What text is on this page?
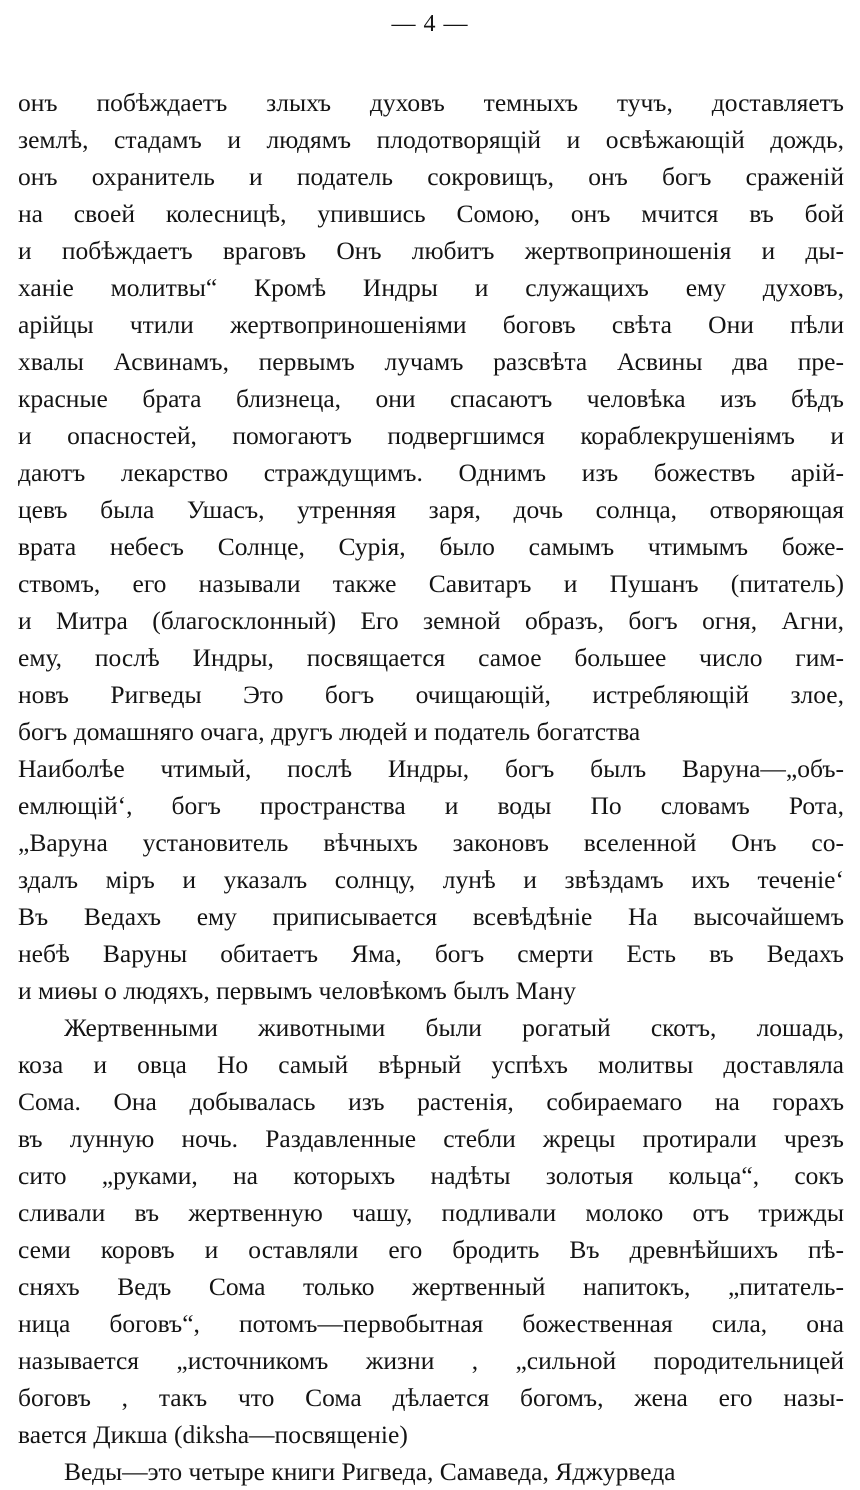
— 4 —
онъ побѣждаетъ злыхъ духовъ темныхъ тучъ, доставляетъ
землѣ, стадамъ и людямъ плодотворящiй и освѣжающiй дождь,
онъ охранитель и податель сокровищъ, онъ богъ сраженiй
на своей колесницѣ, упившись Сомою, онъ мчится въ бой
и побѣждаетъ враговъ Онъ любитъ жертвоприношенiя и ды-
ханiе молитвы“ Кромѣ Индры и служащихъ ему духовъ,
арiйцы чтили жертвоприношенiями боговъ свѣта Они пѣли
хвалы Асвинамъ, первымъ лучамъ разсвѣта Асвины два пре-
красные брата близнеца, они спасаютъ человѣка изъ бѣдъ
и опасностей, помогаютъ подвергшимся кораблекрушенiямъ и
даютъ лекарство страждущимъ. Однимъ изъ божествъ арiй-
цевъ была Ушасъ, утренняя заря, дочь солнца, отворяющая
врата небесъ Солнце, Сурiя, было самымъ чтимымъ боже-
ствомъ, его называли также Савитаръ и Пушанъ (питатель)
и Митра (благосклонный) Его земной образъ, богъ огня, Агни,
ему, послѣ Индры, посвящается самое большее число гим-
новъ Ригведы Это богъ очищающiй, истребляющiй злое,
богъ домашняго очага, другъ людей и податель богатства
Наиболѣе чтимый, послѣ Индры, богъ былъ Варуна—„объ-
емлющiй‘, богъ пространства и воды По словамъ Рота,
„Варуна установитель вѣчныхъ законовъ вселенной Онъ со-
здалъ мiръ и указалъ солнцу, лунѣ и звѣздамъ ихъ теченiе‘
Въ Ведахъ ему приписывается всевѣдѣнiе На высочайшемъ
небѣ Варуны обитаетъ Яма, богъ смерти Есть въ Ведахъ
и миѳы о людяхъ, первымъ человѣкомъ былъ Ману
Жертвенными животными были рогатый скотъ, лошадь,
коза и овца Но самый вѣрный успѣхъ молитвы доставляла
Сома. Она добывалась изъ растенiя, собираемаго на горахъ
въ лунную ночь. Раздавленные стебли жрецы протирали чрезъ
сито „руками, на которыхъ надѣты золотыя кольца“, сокъ
сливали въ жертвенную чашу, подливали молоко отъ трижды
семи коровъ и оставляли его бродить Въ древнѣйшихъ пѣ-
сняхъ Ведъ Сома только жертвенный напитокъ, „питатель-
ница боговъ“, потомъ—первобытная божественная сила, она
называется „источникомъ жизни , „сильной породительницей
боговъ , такъ что Сома дѣлается богомъ, жена его назы-
вается Дикша (diksha—посвященiе)
Веды—это четыре книги Ригведа, Самаведа, Яджурведа
